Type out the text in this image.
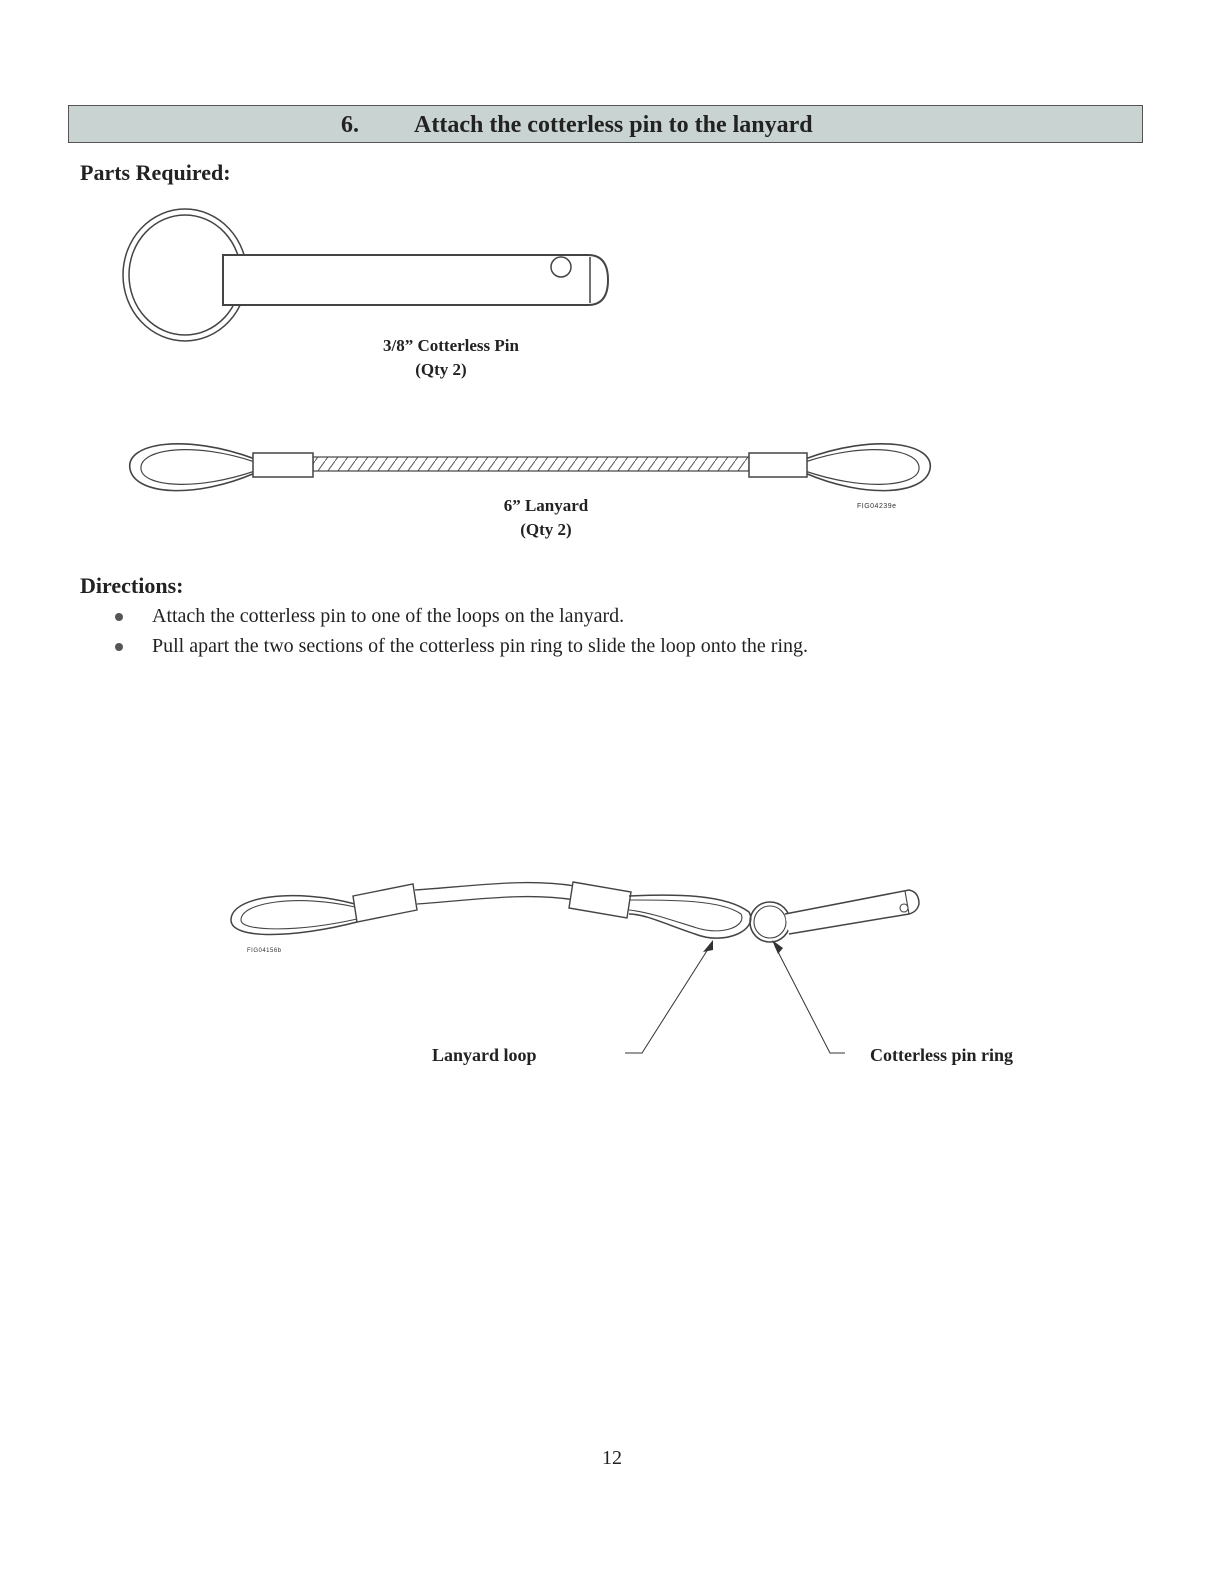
6. Attach the cotterless pin to the lanyard
Parts Required:
3/8” Cotterless Pin
(Qty 2)
FIG04239e
6” Lanyard
(Qty 2)
Directions:
Attach the cotterless pin to one of the loops on the lanyard.
Pull apart the two sections of the cotterless pin ring to slide the loop onto the ring.
FIG04156b
Lanyard loop	Cotterless pin ring
12
